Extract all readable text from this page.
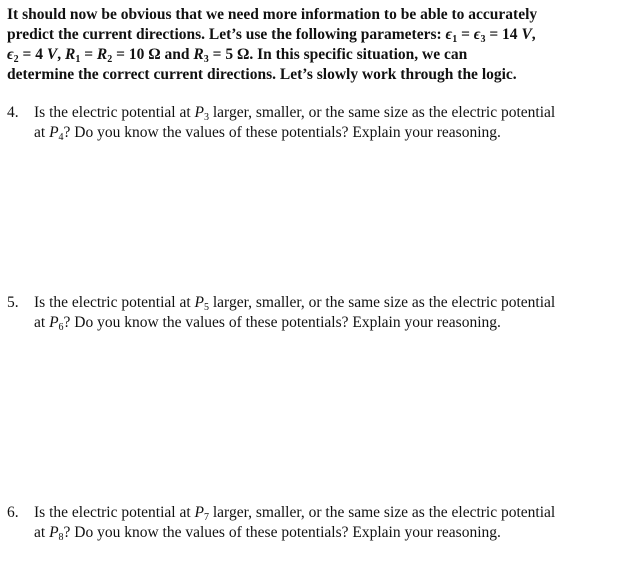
It should now be obvious that we need more information to be able to accurately
predict the current directions. Let’s use the following parameters: $\epsilon_1 = \epsilon_3 = 14$ V,
$\epsilon_2 = 4$ V, $R_1 = R_2 = 10$ Ω and $R_3 = 5$ Ω. In this specific situation, we can
determine the correct current directions. Let’s slowly work through the logic.
4. Is the electric potential at $P_3$ larger, smaller, or the same size as the electric potential
at $P_4$? Do you know the values of these potentials? Explain your reasoning.
5. Is the electric potential at $P_5$ larger, smaller, or the same size as the electric potential
at $P_6$? Do you know the values of these potentials? Explain your reasoning.
6. Is the electric potential at $P_7$ larger, smaller, or the same size as the electric potential
at $P_8$? Do you know the values of these potentials? Explain your reasoning.
